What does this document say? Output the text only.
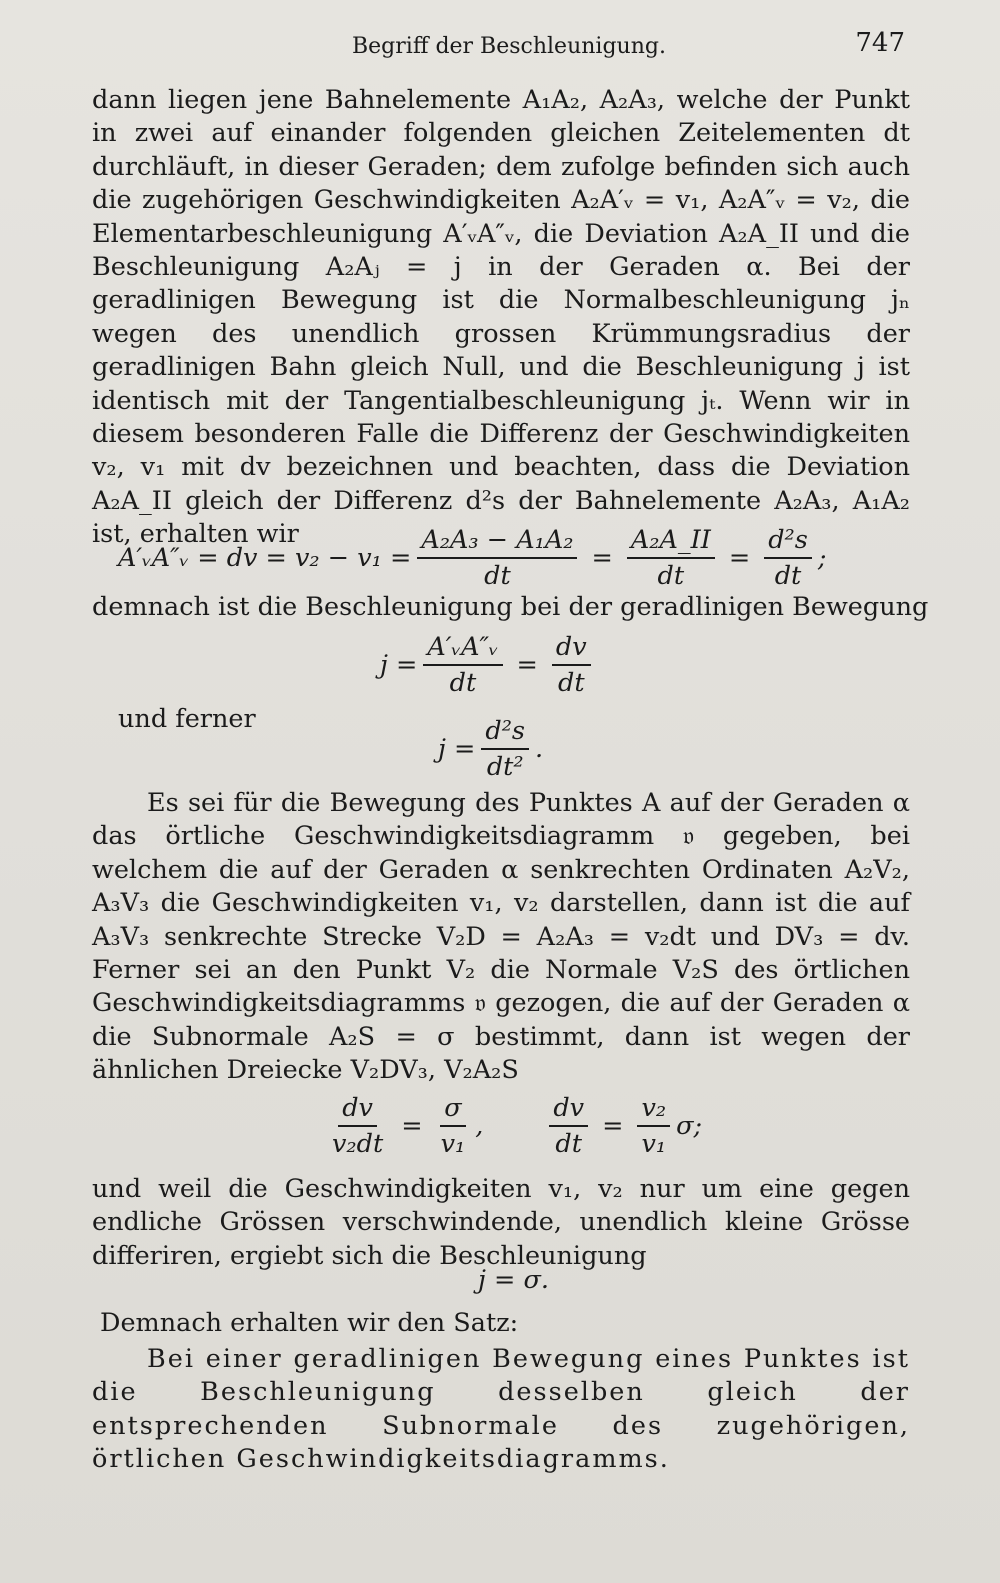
Begriff der Beschleunigung.	747
dann liegen jene Bahnelemente A₁A₂, A₂A₃, welche der Punkt in zwei auf einander folgenden gleichen Zeitelementen dt durchläuft, in dieser Geraden; dem zufolge befinden sich auch die zugehörigen Geschwindigkeiten A₂A′ᵥ = v₁, A₂A″ᵥ = v₂, die Elementarbeschleunigung A′ᵥA″ᵥ, die Deviation A₂A_II und die Beschleunigung A₂Aⱼ = j in der Geraden α. Bei der geradlinigen Bewegung ist die Normalbeschleunigung jₙ wegen des unendlich grossen Krümmungsradius der geradlinigen Bahn gleich Null, und die Beschleunigung j ist identisch mit der Tangentialbeschleunigung jₜ. Wenn wir in diesem besonderen Falle die Differenz der Geschwindigkeiten v₂, v₁ mit dv bezeichnen und beachten, dass die Deviation A₂A_II gleich der Differenz d²s der Bahnelemente A₂A₃, A₁A₂ ist, erhalten wir
A′ᵥA″ᵥ = dv = $v_2 - v_1 = \frac{\text{A₂A₃ − A₁A₂}}{dt} = \frac{\text{A₂A\_II}}{dt} = \frac{\text{d²s}}{dt}$ ;
demnach ist die Beschleunigung bei der geradlinigen Bewegung
$j = \frac{\text{A′ᵥA″ᵥ}}{dt} = \frac{dv}{dt}$
und ferner
$j = \frac{\text{d²s}}{\text{dt²}}$ .
Es sei für die Bewegung des Punktes A auf der Geraden α das örtliche Geschwindigkeitsdiagramm 𝔳 gegeben, bei welchem die auf der Geraden α senkrechten Ordinaten A₂V₂, A₃V₃ die Geschwindigkeiten v₁, v₂ darstellen, dann ist die auf A₃V₃ senkrechte Strecke V₂D = A₂A₃ = v₂dt und DV₃ = dv. Ferner sei an den Punkt V₂ die Normale V₂S des örtlichen Geschwindigkeitsdiagramms 𝔳 gezogen, die auf der Geraden α die Subnormale A₂S = σ bestimmt, dann ist wegen der ähnlichen Dreiecke V₂DV₃, V₂A₂S
$\frac{dv}{\text{v₂dt}} = \frac{\sigma}{\text{v₁}}$ ,	$\frac{dv}{dt} = \frac{\text{v₂}}{\text{v₁}} \sigma$;
und weil die Geschwindigkeiten v₁, v₂ nur um eine gegen endliche Grössen verschwindende, unendlich kleine Grösse differiren, ergiebt sich die Beschleunigung
j = σ.
Demnach erhalten wir den Satz:
Bei einer geradlinigen Bewegung eines Punktes ist die Beschleunigung desselben gleich der entsprechenden Subnormale des zugehörigen, örtlichen Geschwindigkeitsdiagramms.
